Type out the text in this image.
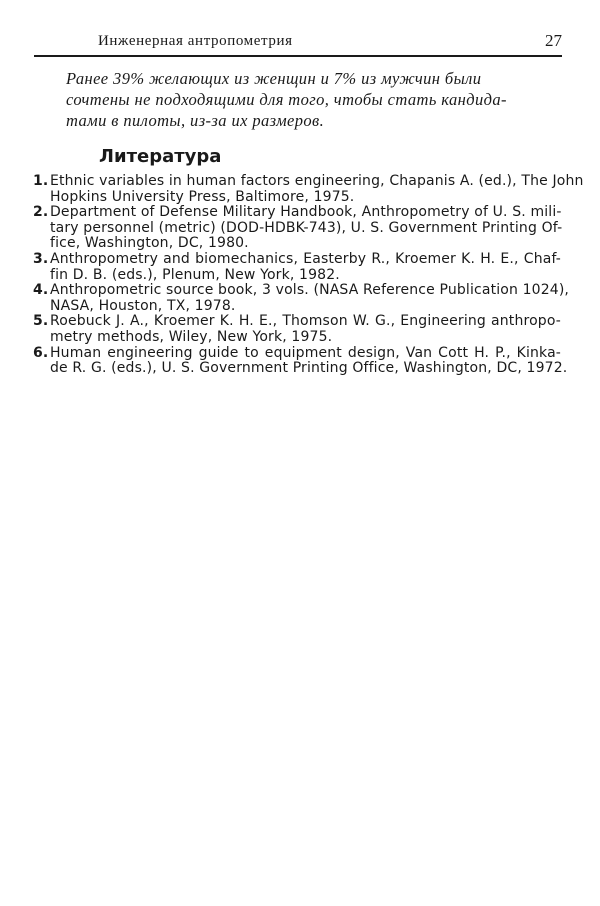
Инженерная антропометрия	27
Ранее 39% желающих из женщин и 7% из мужчин были
сочтены не подходящими для того, чтобы стать кандида-
тами в пилоты, из-за их размеров.
Литература
1. Ethnic variables in human factors engineering, Chapanis A. (ed.), The John
Hopkins University Press, Baltimore, 1975.
2. Department of Defense Military Handbook, Anthropometry of U. S. mili-
tary personnel (metric) (DOD-HDBK-743), U. S. Government Printing Of-
fice, Washington, DC, 1980.
3. Anthropometry and biomechanics, Easterby R., Kroemer K. H. E., Chaf-
fin D. B. (eds.), Plenum, New York, 1982.
4. Anthropometric source book, 3 vols. (NASA Reference Publication 1024),
NASA, Houston, TX, 1978.
5. Roebuck J. A., Kroemer K. H. E., Thomson W. G., Engineering anthropo-
metry methods, Wiley, New York, 1975.
6. Human engineering guide to equipment design, Van Cott H. P., Kinka-
de R. G. (eds.), U. S. Government Printing Office, Washington, DC, 1972.
